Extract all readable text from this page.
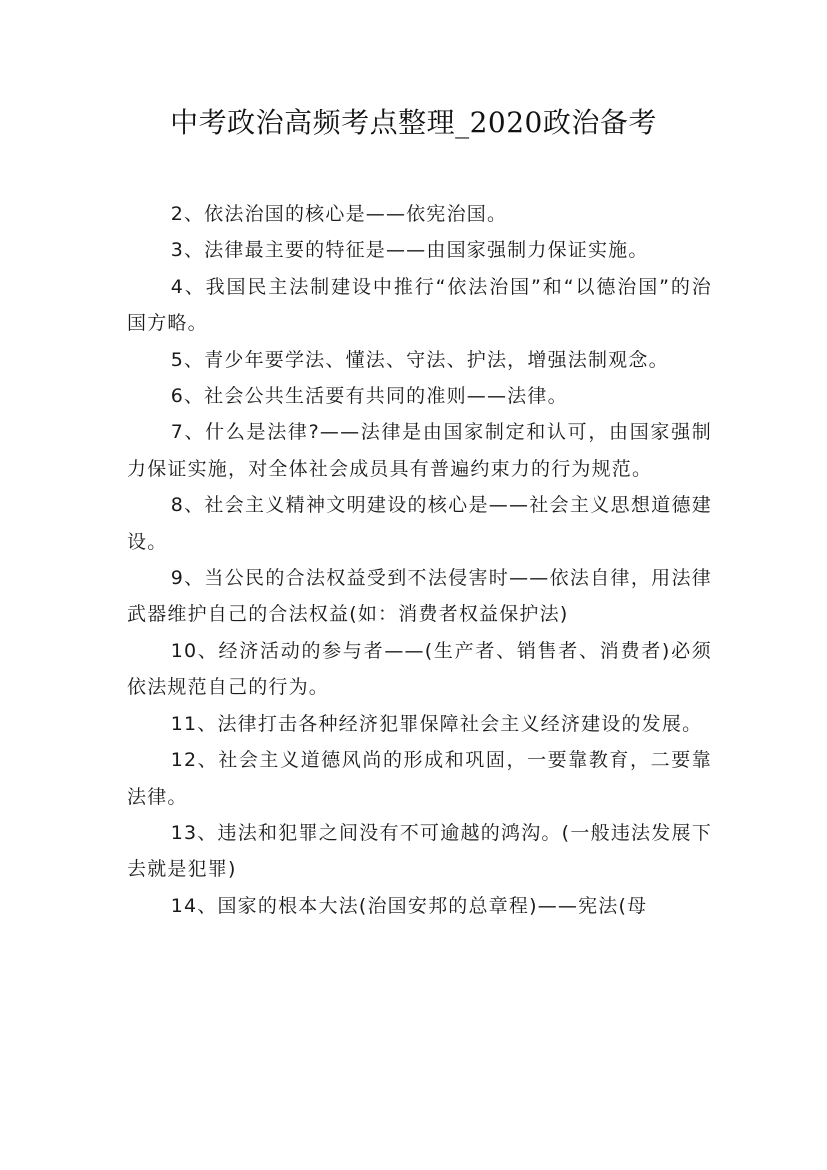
中考政治高频考点整理_2020政治备考

2、依法治国的核心是——依宪治国。

3、法律最主要的特征是——由国家强制力保证实施。

4、我国民主法制建设中推行“依法治国”和“以德治国”的治国方略。

5、青少年要学法、懂法、守法、护法，增强法制观念。

6、社会公共生活要有共同的准则——法律。

7、什么是法律?——法律是由国家制定和认可，由国家强制力保证实施，对全体社会成员具有普遍约束力的行为规范。

8、社会主义精神文明建设的核心是——社会主义思想道德建设。

9、当公民的合法权益受到不法侵害时——依法自律，用法律武器维护自己的合法权益(如：消费者权益保护法)

10、经济活动的参与者——(生产者、销售者、消费者)必须依法规范自己的行为。

11、法律打击各种经济犯罪保障社会主义经济建设的发展。

12、社会主义道德风尚的形成和巩固，一要靠教育，二要靠法律。

13、违法和犯罪之间没有不可逾越的鸿沟。(一般违法发展下去就是犯罪)

14、国家的根本大法(治国安邦的总章程)——宪法(母
